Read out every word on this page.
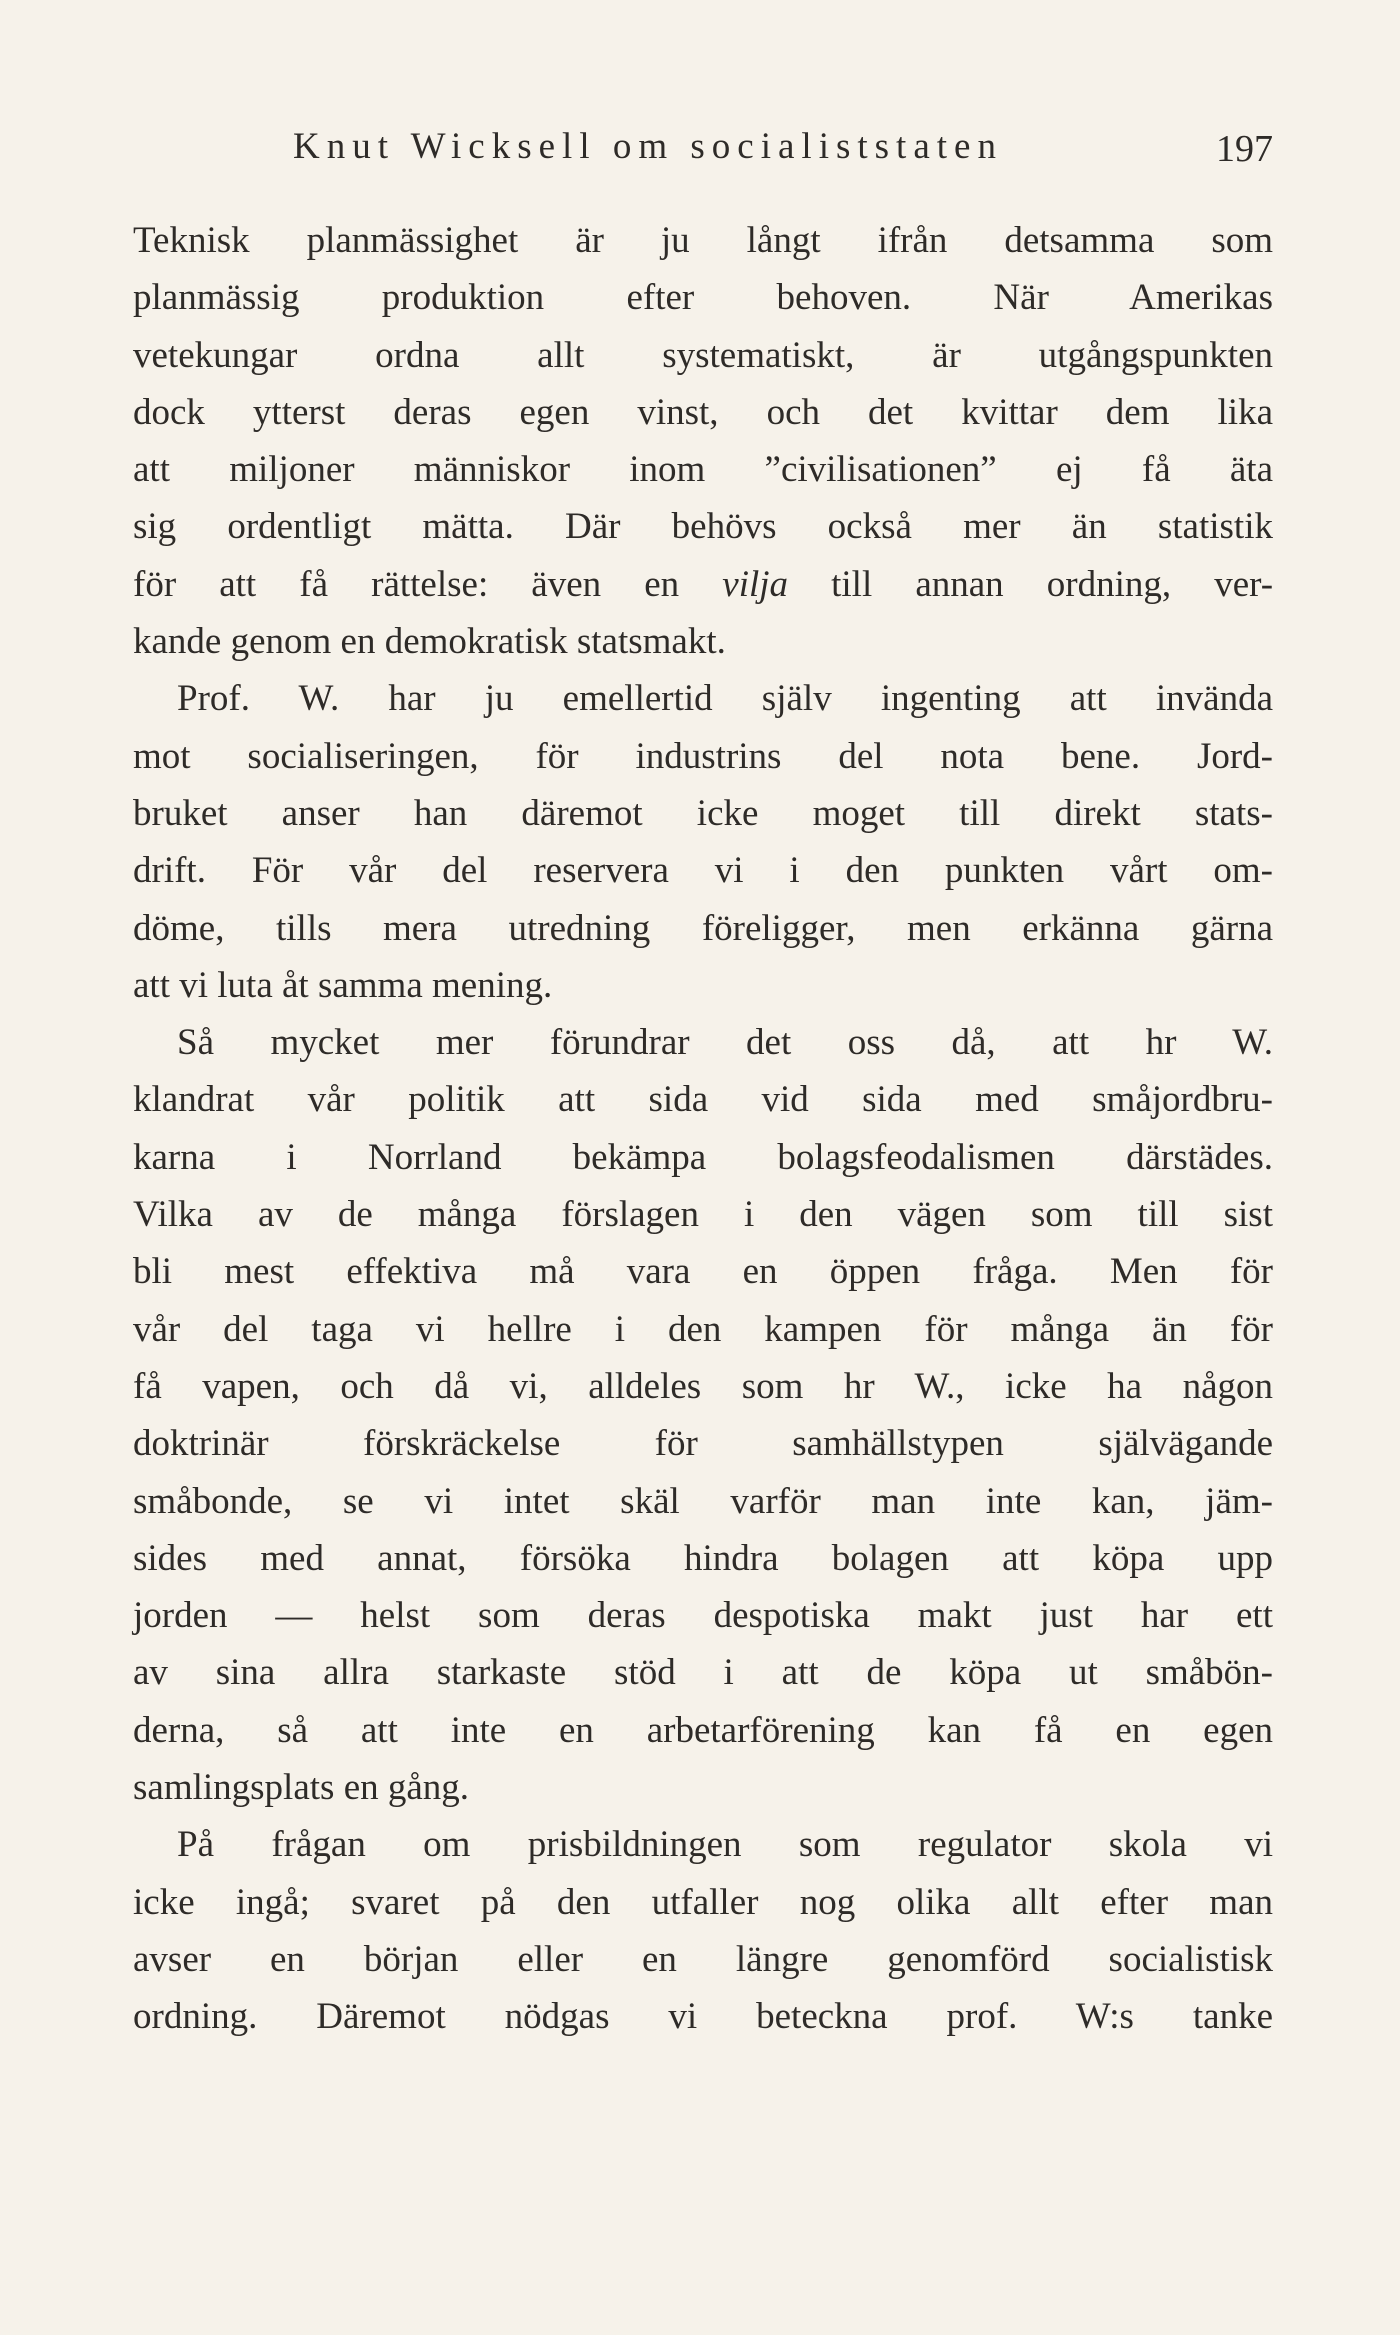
Knut Wicksell om socialiststaten	197
Teknisk planmässighet är ju långt ifrån detsamma som
planmässig produktion efter behoven. När Amerikas
vetekungar ordna allt systematiskt, är utgångspunkten
dock ytterst deras egen vinst, och det kvittar dem lika
att miljoner människor inom ”civilisationen” ej få äta
sig ordentligt mätta. Där behövs också mer än statistik
för att få rättelse: även en vilja till annan ordning, ver-
kande genom en demokratisk statsmakt.
Prof. W. har ju emellertid själv ingenting att invända
mot socialiseringen, för industrins del nota bene. Jord-
bruket anser han däremot icke moget till direkt stats-
drift. För vår del reservera vi i den punkten vårt om-
döme, tills mera utredning föreligger, men erkänna gärna
att vi luta åt samma mening.
Så mycket mer förundrar det oss då, att hr W.
klandrat vår politik att sida vid sida med småjordbru-
karna i Norrland bekämpa bolagsfeodalismen därstädes.
Vilka av de många förslagen i den vägen som till sist
bli mest effektiva må vara en öppen fråga. Men för
vår del taga vi hellre i den kampen för många än för
få vapen, och då vi, alldeles som hr W., icke ha någon
doktrinär förskräckelse för samhällstypen självägande
småbonde, se vi intet skäl varför man inte kan, jäm-
sides med annat, försöka hindra bolagen att köpa upp
jorden — helst som deras despotiska makt just har ett
av sina allra starkaste stöd i att de köpa ut småbön-
derna, så att inte en arbetarförening kan få en egen
samlingsplats en gång.
På frågan om prisbildningen som regulator skola vi
icke ingå; svaret på den utfaller nog olika allt efter man
avser en början eller en längre genomförd socialistisk
ordning. Däremot nödgas vi beteckna prof. W:s tanke
